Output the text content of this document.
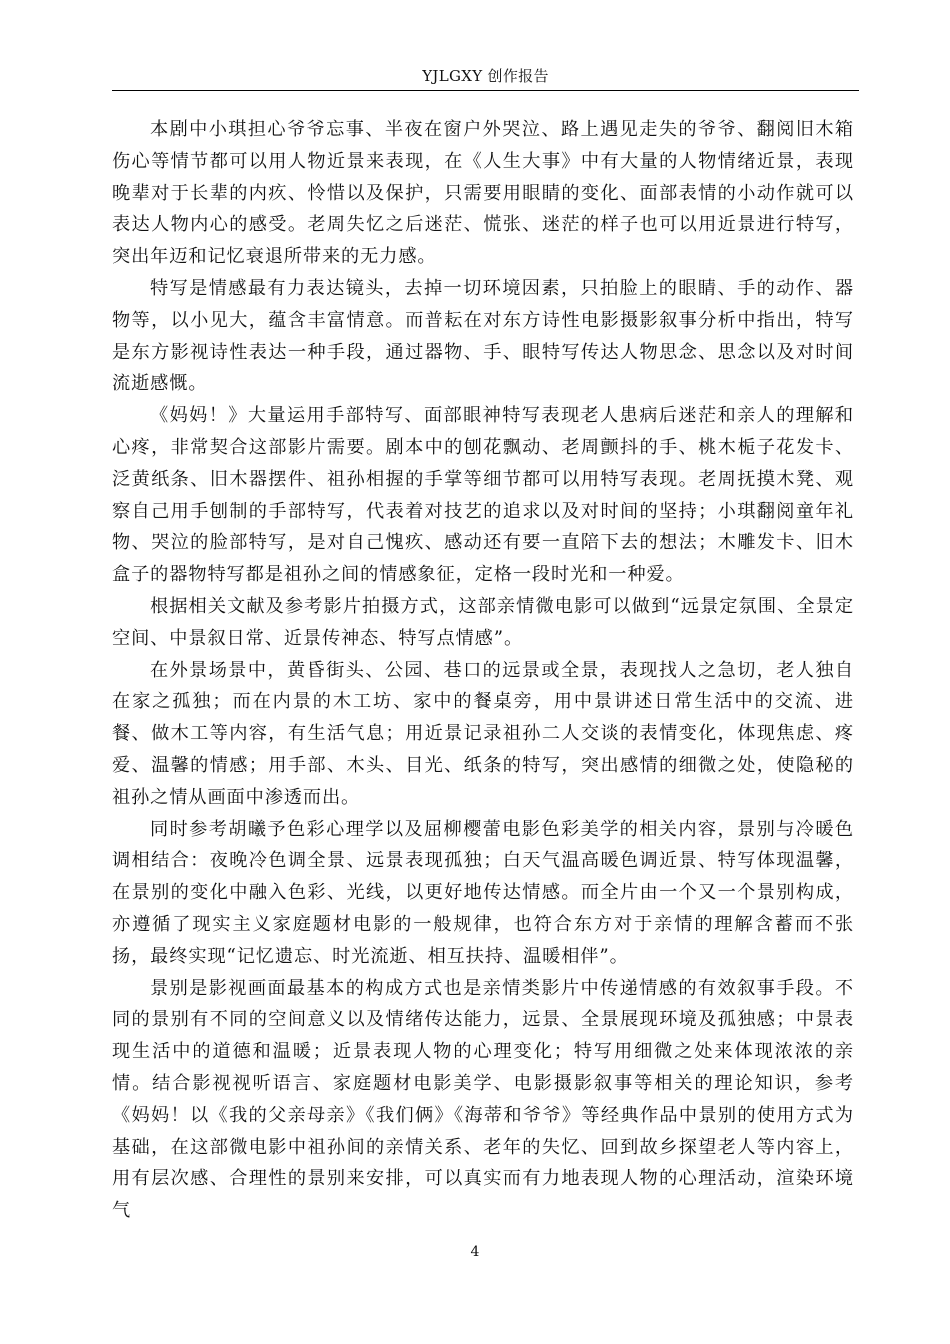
YJLGXY 创作报告

本剧中小琪担心爷爷忘事、半夜在窗户外哭泣、路上遇见走失的爷爷、翻阅旧木箱伤心等情节都可以用人物近景来表现，在《人生大事》中有大量的人物情绪近景，表现晚辈对于长辈的内疚、怜惜以及保护，只需要用眼睛的变化、面部表情的小动作就可以表达人物内心的感受。老周失忆之后迷茫、慌张、迷茫的样子也可以用近景进行特写，突出年迈和记忆衰退所带来的无力感。

特写是情感最有力表达镜头，去掉一切环境因素，只拍脸上的眼睛、手的动作、器物等，以小见大，蕴含丰富情意。而普耘在对东方诗性电影摄影叙事分析中指出，特写是东方影视诗性表达一种手段，通过器物、手、眼特写传达人物思念、思念以及对时间流逝感慨。

《妈妈！》大量运用手部特写、面部眼神特写表现老人患病后迷茫和亲人的理解和心疼，非常契合这部影片需要。剧本中的刨花飘动、老周颤抖的手、桃木栀子花发卡、泛黄纸条、旧木器摆件、祖孙相握的手掌等细节都可以用特写表现。老周抚摸木凳、观察自己用手刨制的手部特写，代表着对技艺的追求以及对时间的坚持；小琪翻阅童年礼物、哭泣的脸部特写，是对自己愧疚、感动还有要一直陪下去的想法；木雕发卡、旧木盒子的器物特写都是祖孙之间的情感象征，定格一段时光和一种爱。

根据相关文献及参考影片拍摄方式，这部亲情微电影可以做到“远景定氛围、全景定空间、中景叙日常、近景传神态、特写点情感”。

在外景场景中，黄昏街头、公园、巷口的远景或全景，表现找人之急切，老人独自在家之孤独；而在内景的木工坊、家中的餐桌旁，用中景讲述日常生活中的交流、进餐、做木工等内容，有生活气息；用近景记录祖孙二人交谈的表情变化，体现焦虑、疼爱、温馨的情感；用手部、木头、目光、纸条的特写，突出感情的细微之处，使隐秘的祖孙之情从画面中渗透而出。

同时参考胡曦予色彩心理学以及屈柳樱蕾电影色彩美学的相关内容，景别与冷暖色调相结合：夜晚冷色调全景、远景表现孤独；白天气温高暖色调近景、特写体现温馨，在景别的变化中融入色彩、光线，以更好地传达情感。而全片由一个又一个景别构成，亦遵循了现实主义家庭题材电影的一般规律，也符合东方对于亲情的理解含蓄而不张扬，最终实现“记忆遗忘、时光流逝、相互扶持、温暖相伴”。

景别是影视画面最基本的构成方式也是亲情类影片中传递情感的有效叙事手段。不同的景别有不同的空间意义以及情绪传达能力，远景、全景展现环境及孤独感；中景表现生活中的道德和温暖；近景表现人物的心理变化；特写用细微之处来体现浓浓的亲情。结合影视视听语言、家庭题材电影美学、电影摄影叙事等相关的理论知识，参考《妈妈！以《我的父亲母亲》《我们俩》《海蒂和爷爷》等经典作品中景别的使用方式为基础，在这部微电影中祖孙间的亲情关系、老年的失忆、回到故乡探望老人等内容上，用有层次感、合理性的景别来安排，可以真实而有力地表现人物的心理活动，渲染环境气

4
